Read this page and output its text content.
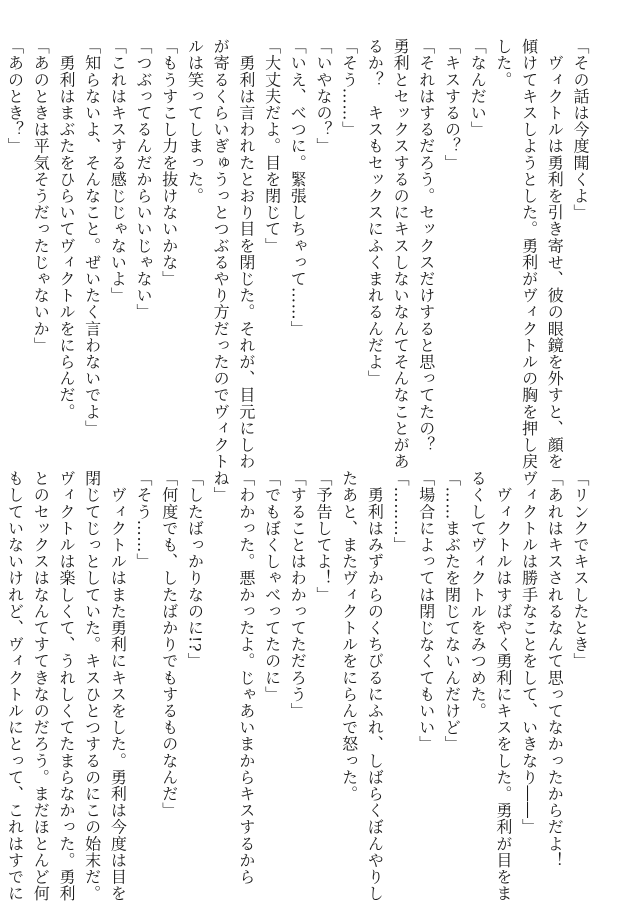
「その話は今度聞くよ」
　ヴィクトルは勇利を引き寄せ、彼の眼鏡を外すと、顔を
傾けてキスしようとした。勇利がヴィクトルの胸を押し戻
した。
「なんだい」
「キスするの？」
「それはするだろう。セックスだけすると思ってたの？
勇利とセックスするのにキスしないなんてそんなことがあ
るか？　キスもセックスにふくまれるんだよ」
「そう……」
「いやなの？」
「いえ、べつに。緊張しちゃって……」
「大丈夫だよ。目を閉じて」
　勇利は言われたとおり目を閉じた。それが、目元にしわ
が寄るくらいぎゅうっとつぶるやり方だったのでヴィクト
ルは笑ってしまった。
「もうすこし力を抜けないかな」
「つぶってるんだからいいじゃない」
「これはキスする感じじゃないよ」
「知らないよ、そんなこと。ぜいたく言わないでよ」
　勇利はまぶたをひらいてヴィクトルをにらんだ。
「あのときは平気そうだったじゃないか」
「あのとき？」
「リンクでキスしたとき」
「あれはキスされるなんて思ってなかったからだよ！
ヴィクトルは勝手なことをして、いきなり――」
　ヴィクトルはすばやく勇利にキスをした。勇利が目をま
るくしてヴィクトルをみつめた。
「……まぶたを閉じてないんだけど」
「場合によっては閉じなくてもいい」
「………」
　勇利はみずからのくちびるにふれ、しばらくぼんやりし
たあと、またヴィクトルをにらんで怒った。
「予告してよ！」
「することはわかってただろう」
「でもぼくしゃべってたのに」
「わかった。悪かったよ。じゃあいまからキスするから
ね」
「したばっかりなのに!?」
「何度でも、したばかりでもするものなんだ」
「そう……」
　ヴィクトルはまた勇利にキスをした。勇利は今度は目を
閉じてじっとしていた。キスひとつするのにこの始末だ。
ヴィクトルは楽しくて、うれしくてたまらなかった。勇利
とのセックスはなんてすてきなのだろう。まだほとんど何
もしていないけれど、ヴィクトルにとって、これはすでに
